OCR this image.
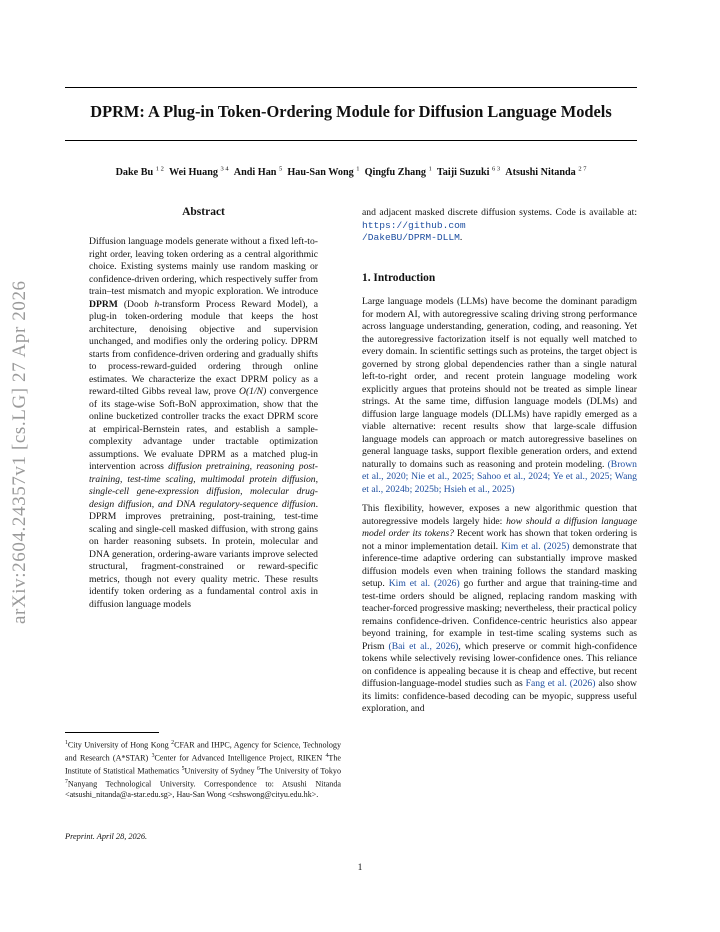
DPRM: A Plug-in Token-Ordering Module for Diffusion Language Models
Dake Bu $^{1 2}$  Wei Huang $^{3 4}$  Andi Han $^5$  Hau-San Wong $^1$  Qingfu Zhang $^1$  Taiji Suzuki $^{6 3}$  Atsushi Nitanda $^{2 7}$
arXiv:2604.24357v1 [cs.LG] 27 Apr 2026
Abstract
Diffusion language models generate without a fixed left-to-right order, leaving token ordering as a central algorithmic choice. Existing systems mainly use random masking or confidence-driven ordering, which respectively suffer from train–test mismatch and myopic exploration. We introduce DPRM (Doob h-transform Process Reward Model), a plug-in token-ordering module that keeps the host architecture, denoising objective and supervision unchanged, and modifies only the ordering policy. DPRM starts from confidence-driven ordering and gradually shifts to process-reward-guided ordering through online estimates. We characterize the exact DPRM policy as a reward-tilted Gibbs reveal law, prove O(1/N) convergence of its stage-wise Soft-BoN approximation, show that the online bucketized controller tracks the exact DPRM score at empirical-Bernstein rates, and establish a sample-complexity advantage under tractable optimization assumptions. We evaluate DPRM as a matched plug-in intervention across diffusion pretraining, reasoning post-training, test-time scaling, multimodal protein diffusion, single-cell gene-expression diffusion, molecular drug-design diffusion, and DNA regulatory-sequence diffusion. DPRM improves pretraining, post-training, test-time scaling and single-cell masked diffusion, with strong gains on harder reasoning subsets. In protein, molecular and DNA generation, ordering-aware variants improve selected structural, fragment-constrained or reward-specific metrics, though not every quality metric. These results identify token ordering as a fundamental control axis in diffusion language models
$^1$City University of Hong Kong $^2$CFAR and IHPC, Agency for Science, Technology and Research (A*STAR) $^3$Center for Advanced Intelligence Project, RIKEN $^4$The Institute of Statistical Mathematics $^5$University of Sydney $^6$The University of Tokyo $^7$Nanyang Technological University. Correspondence to: Atsushi Nitanda <atsushi_nitanda@a-star.edu.sg>, Hau-San Wong <cshswong@cityu.edu.hk>.
Preprint. April 28, 2026.

and adjacent masked discrete diffusion systems. Code is available at: https://github.com
/DakeBU/DPRM-DLLM.

1. Introduction

Large language models (LLMs) have become the dominant paradigm for modern AI, with autoregressive scaling driving strong performance across language understanding, generation, coding, and reasoning. Yet the autoregressive factorization itself is not equally well matched to every domain. In scientific settings such as proteins, the target object is governed by strong global dependencies rather than a single natural left-to-right order, and recent protein language modeling work explicitly argues that proteins should not be treated as simple linear strings. At the same time, diffusion language models (DLMs) and diffusion large language models (DLLMs) have rapidly emerged as a viable alternative: recent results show that large-scale diffusion language models can approach or match autoregressive baselines on general language tasks, support flexible generation orders, and extend naturally to domains such as reasoning and protein modeling. (Brown et al., 2020; Nie et al., 2025; Sahoo et al., 2024; Ye et al., 2025; Wang et al., 2024b; 2025b; Hsieh et al., 2025)

This flexibility, however, exposes a new algorithmic question that autoregressive models largely hide: how should a diffusion language model order its tokens? Recent work has shown that token ordering is not a minor implementation detail. Kim et al. (2025) demonstrate that inference-time adaptive ordering can substantially improve masked diffusion models even when training follows the standard masking setup. Kim et al. (2026) go further and argue that training-time and test-time orders should be aligned, replacing random masking with teacher-forced progressive masking; nevertheless, their practical policy remains confidence-driven. Confidence-centric heuristics also appear beyond training, for example in test-time scaling systems such as Prism (Bai et al., 2026), which preserve or commit high-confidence tokens while selectively revising lower-confidence ones. This reliance on confidence is appealing because it is cheap and effective, but recent diffusion-language-model studies such as Fang et al. (2026) also show its limits: confidence-based decoding can be myopic, suppress useful exploration, and

1
